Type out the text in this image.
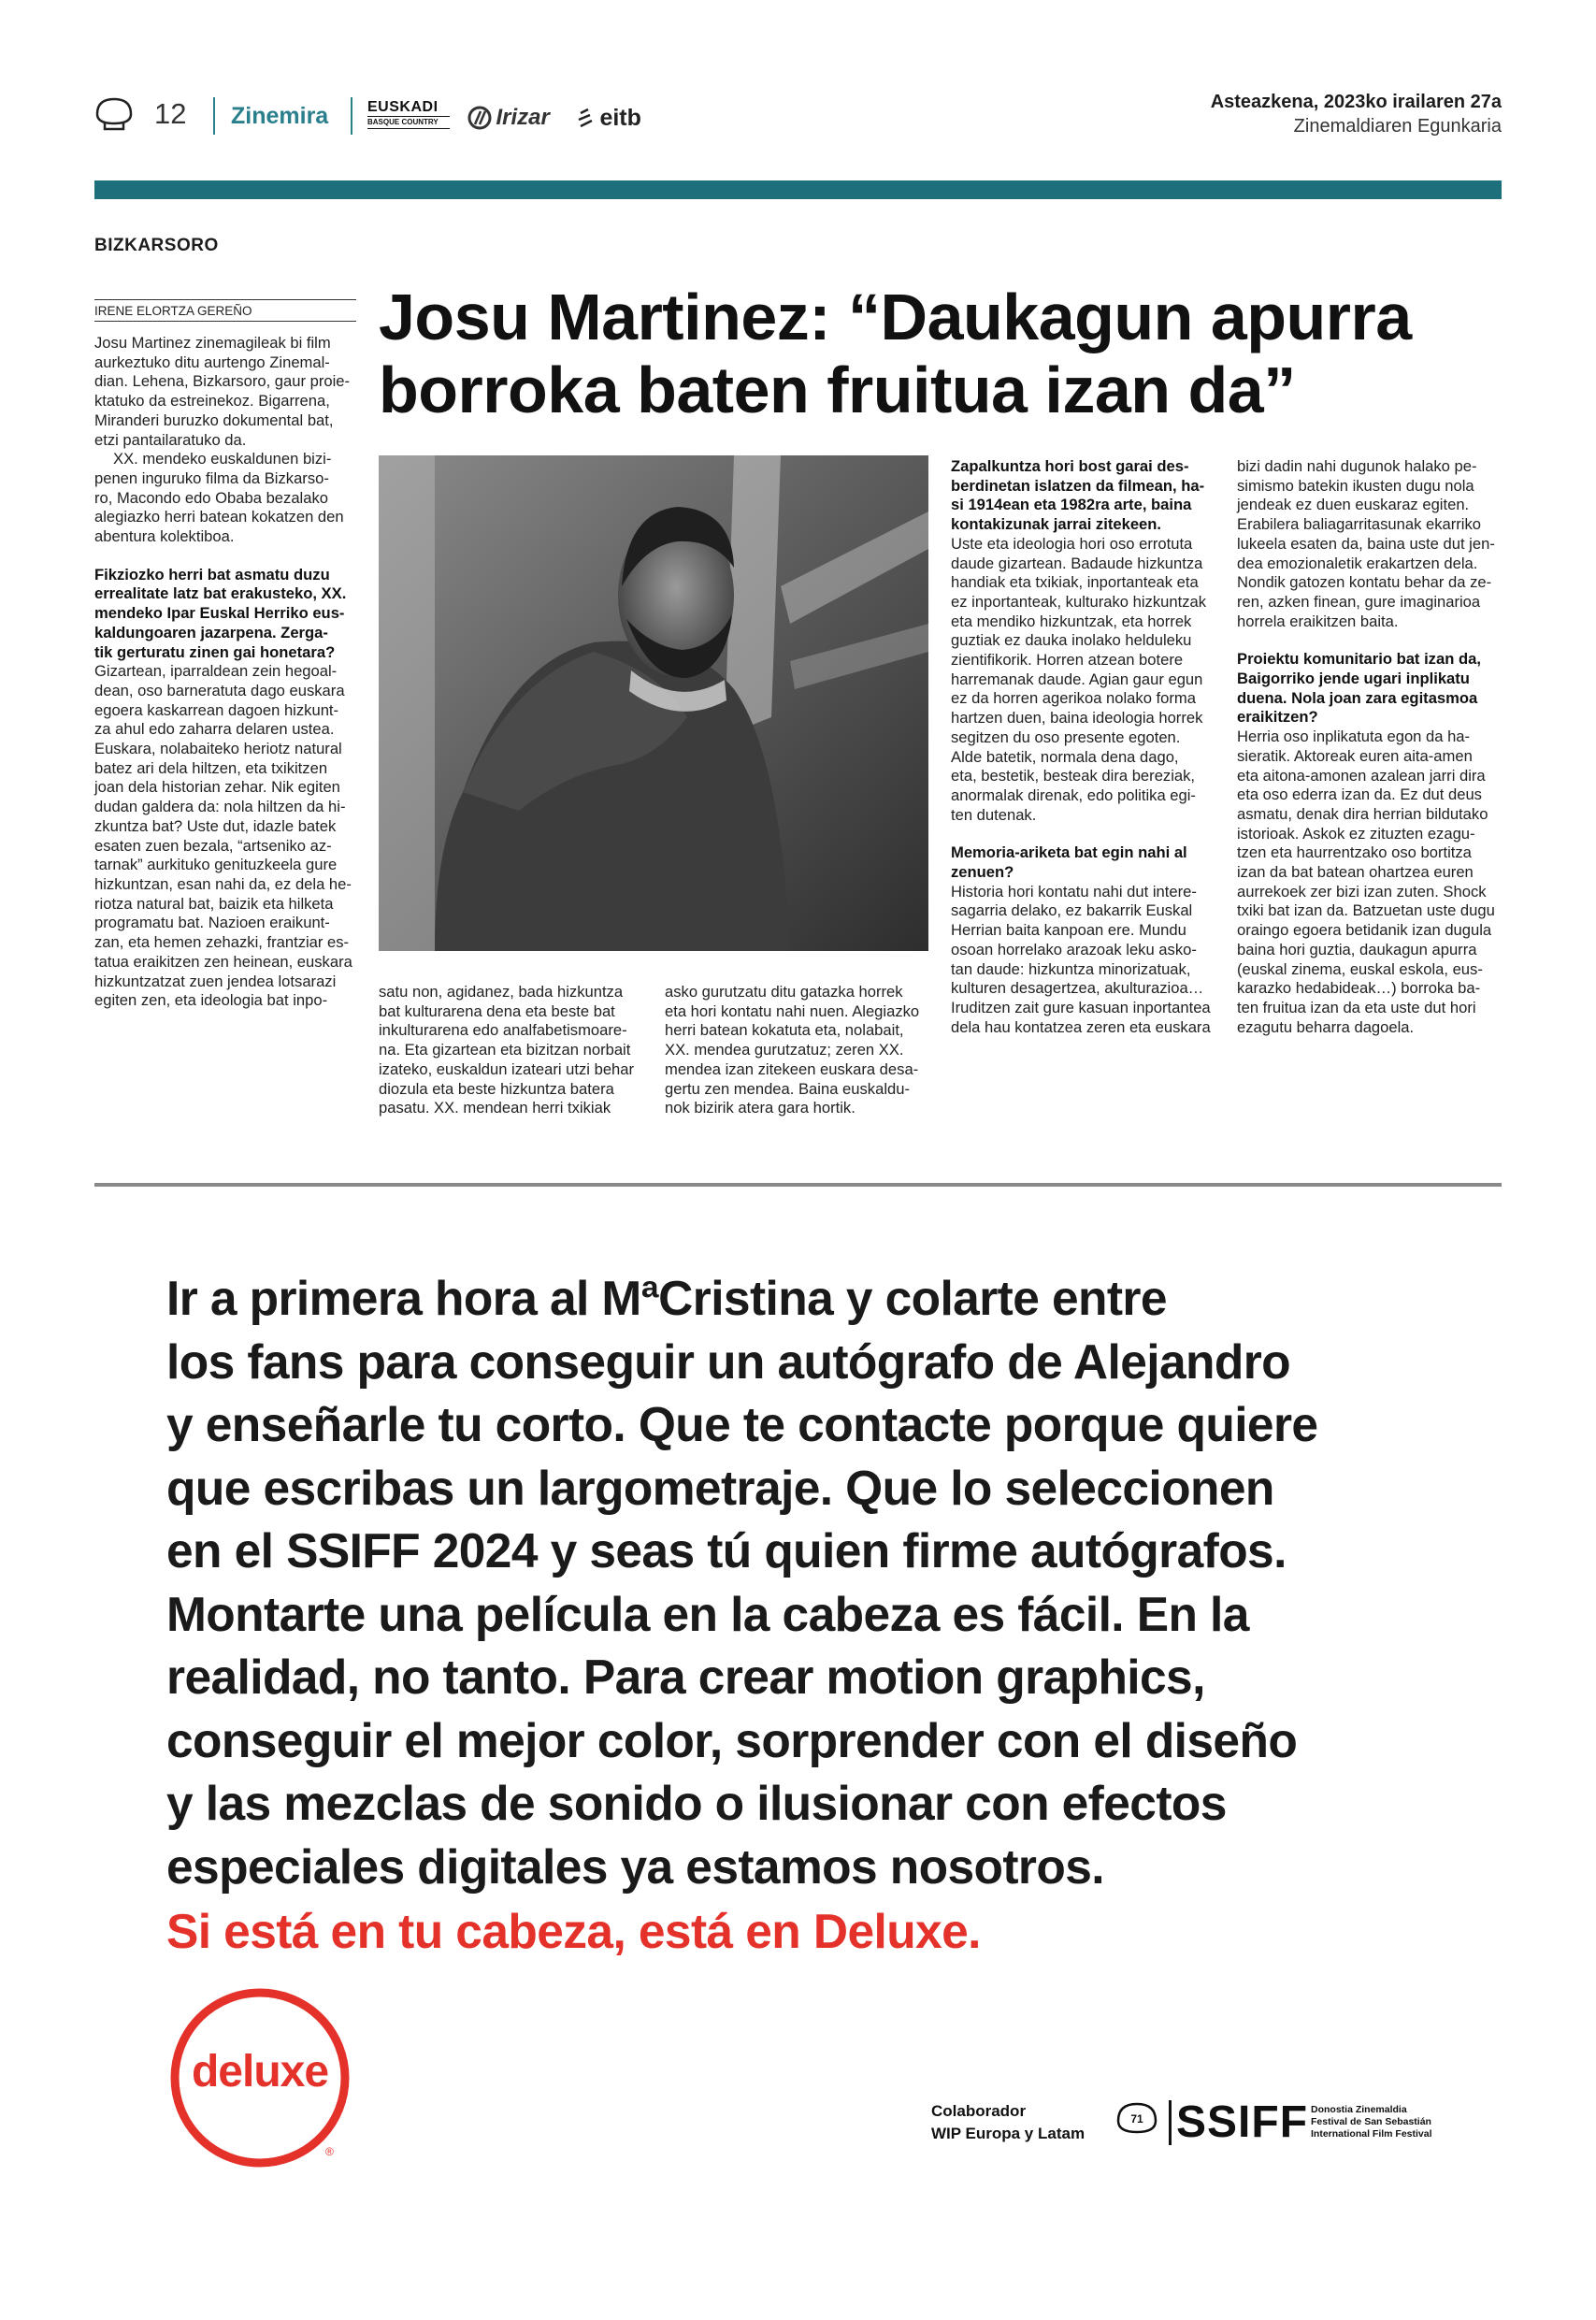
12 Zinemira	EUSKADI
BASQUE COUNTRY	Irizar	eitb
Asteazkena, 2023ko irailaren 27a
Zinemaldiaren Egunkaria
BIZKARSORO
IRENE ELORTZA GEREÑO	Josu Martinez: “Daukagun apurra
borroka baten fruitua izan da”

Josu Martinez zinemagileak bi film

aurkeztuko ditu aurtengo Zinemal-

dian. Lehena, Bizkarsoro, gaur proie-

ktatuko da estreinekoz. Bigarrena,

Miranderi buruzko dokumental bat,

etzi pantailaratuko da.

XX. mendeko euskaldunen bizi-

penen inguruko filma da Bizkarso-

ro, Macondo edo Obaba bezalako

alegiazko herri batean kokatzen den

abentura kolektiboa.

Fikziozko herri bat asmatu duzu

errealitate latz bat erakusteko, XX.

mendeko Ipar Euskal Herriko eus-

kaldungoaren jazarpena. Zerga-

tik gerturatu zinen gai honetara?

Gizartean, iparraldean zein hegoal-

dean, oso barneratuta dago euskara

egoera kaskarrean dagoen hizkunt-

za ahul edo zaharra delaren ustea.

Euskara, nolabaiteko heriotz natural

batez ari dela hiltzen, eta txikitzen

joan dela historian zehar. Nik egiten

dudan galdera da: nola hiltzen da hi-

zkuntza bat? Uste dut, idazle batek

esaten zuen bezala, “artseniko az-

tarnak” aurkituko genituzkeela gure

hizkuntzan, esan nahi da, ez dela he-

riotza natural bat, baizik eta hilketa

programatu bat. Nazioen eraikunt-

zan, eta hemen zehazki, frantziar es-

tatua eraikitzen zen heinean, euskara

hizkuntzatzat zuen jendea lotsarazi

egiten zen, eta ideologia bat inpo-	satu non, agidanez, bada hizkuntza

bat kulturarena dena eta beste bat

inkulturarena edo analfabetismoare-

na. Eta gizartean eta bizitzan norbait

izateko, euskaldun izateari utzi behar

diozula eta beste hizkuntza batera

pasatu. XX. mendean herri txikiak

asko gurutzatu ditu gatazka horrek

eta hori kontatu nahi nuen. Alegiazko

herri batean kokatuta eta, nolabait,

XX. mendea gurutzatuz; zeren XX.

mendea izan zitekeen euskara desa-

gertu zen mendea. Baina euskaldu-

nok bizirik atera gara hortik.

Zapalkuntza hori bost garai des-

berdinetan islatzen da filmean, ha-

si 1914ean eta 1982ra arte, baina

kontakizunak jarrai zitekeen.

Uste eta ideologia hori oso errotuta

daude gizartean. Badaude hizkuntza

handiak eta txikiak, inportanteak eta

ez inportanteak, kulturako hizkuntzak

eta mendiko hizkuntzak, eta horrek

guztiak ez dauka inolako helduleku

zientifikorik. Horren atzean botere

harremanak daude. Agian gaur egun

ez da horren agerikoa nolako forma

hartzen duen, baina ideologia horrek

segitzen du oso presente egoten.

Alde batetik, normala dena dago,

eta, bestetik, besteak dira bereziak,

anormalak direnak, edo politika egi-

ten dutenak.

Memoria-ariketa bat egin nahi al

zenuen?

Historia hori kontatu nahi dut intere-

sagarria delako, ez bakarrik Euskal

Herrian baita kanpoan ere. Mundu

osoan horrelako arazoak leku asko-

tan daude: hizkuntza minorizatuak,

kulturen desagertzea, akulturazioa…

Iruditzen zait gure kasuan inportantea

dela hau kontatzea zeren eta euskara

bizi dadin nahi dugunok halako pe-

simismo batekin ikusten dugu nola

jendeak ez duen euskaraz egiten.

Erabilera baliagarritasunak ekarriko

lukeela esaten da, baina uste dut jen-

dea emozionaletik erakartzen dela.

Nondik gatozen kontatu behar da ze-

ren, azken finean, gure imaginarioa

horrela eraikitzen baita.

Proiektu komunitario bat izan da,

Baigorriko jende ugari inplikatu

duena. Nola joan zara egitasmoa

eraikitzen?

Herria oso inplikatuta egon da ha-

sieratik. Aktoreak euren aita-amen

eta aitona-amonen azalean jarri dira

eta oso ederra izan da. Ez dut deus

asmatu, denak dira herrian bildutako

istorioak. Askok ez zituzten ezagu-

tzen eta haurrentzako oso bortitza

izan da bat batean ohartzea euren

aurrekoek zer bizi izan zuten. Shock

txiki bat izan da. Batzuetan uste dugu

oraingo egoera betidanik izan dugula

baina hori guztia, daukagun apurra

(euskal zinema, euskal eskola, eus-

karazko hedabideak…) borroka ba-

ten fruitua izan da eta uste dut hori

ezagutu beharra dagoela.

Ir a primera hora al MªCristina y colarte entre
los fans para conseguir un autógrafo de Alejandro
y enseñarle tu corto. Que te contacte porque quiere
que escribas un largometraje. Que lo seleccionen
en el SSIFF 2024 y seas tú quien firme autógrafos.
Montarte una película en la cabeza es fácil. En la
realidad, no tanto. Para crear motion graphics,
conseguir el mejor color, sorprender con el diseño
y las mezclas de sonido o ilusionar con efectos
especiales digitales ya estamos nosotros.
Si está en tu cabeza, está en Deluxe.
deluxe
®
Colaborador
WIP Europa y Latam
71 SSIFF Donostia Zinemaldia
Festival de San Sebastián
International Film Festival
